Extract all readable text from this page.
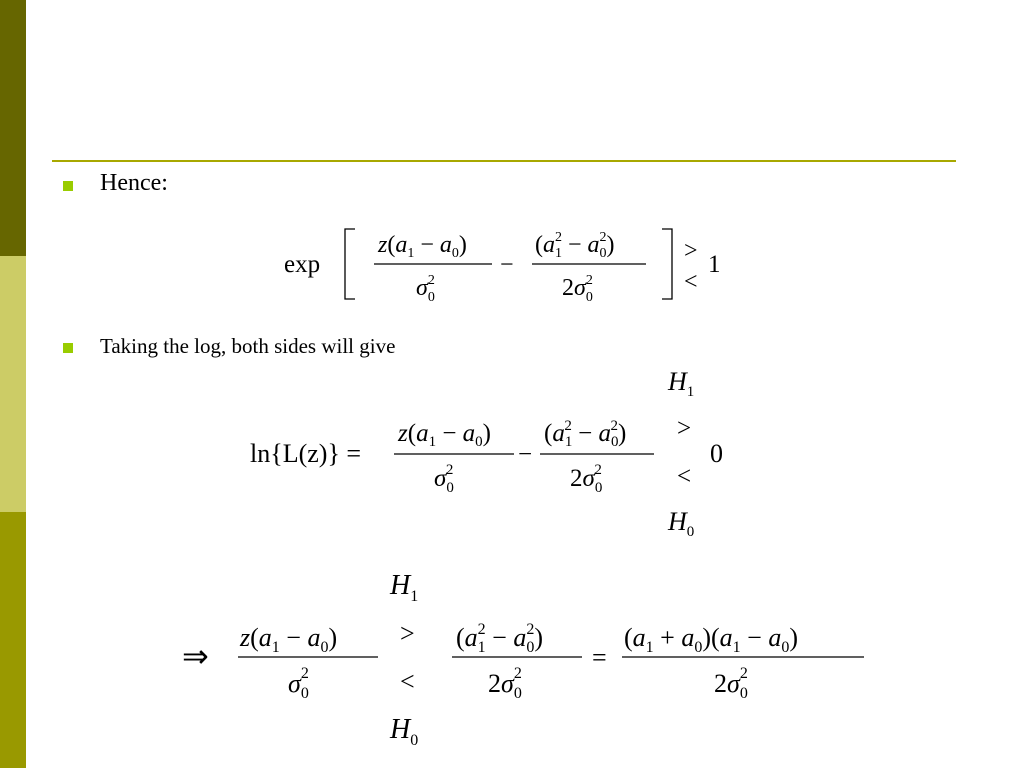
Hence:
Taking the log, both sides will give
exp
$z(a_1 - a_0)$
$\sigma_02$
−
$(a_12 - a_02)$
$2\sigma_02$
>
<
1
$H_1$
ln{L(z)} =
$z(a_1 - a_0)$
$\sigma_02$
−
$(a_12 - a_02)$
$2\sigma_02$
>
<
0
$H_0$
$H_1$
⇒
$z(a_1 - a_0)$
$\sigma_02$
>
<
$(a_12 - a_02)$
$2\sigma_02$
=
$(a_1 + a_0)(a_1 - a_0)$
$2\sigma_02$
$H_0$
